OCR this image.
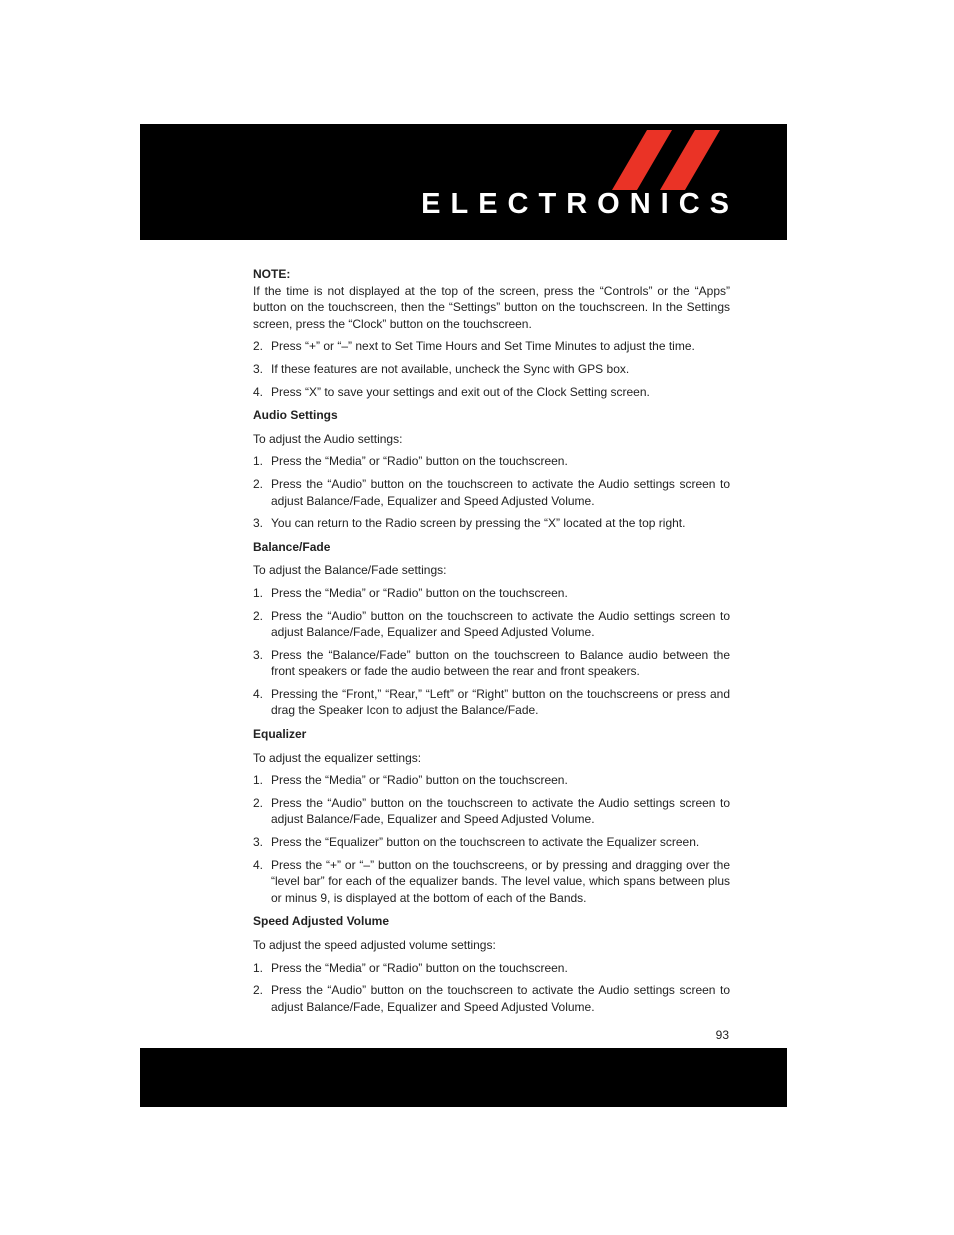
ELECTRONICS

NOTE:

If the time is not displayed at the top of the screen, press the “Controls” or the “Apps” button on the touchscreen, then the “Settings” button on the touchscreen. In the Settings screen, press the “Clock” button on the touchscreen.

2. Press “+” or “–” next to Set Time Hours and Set Time Minutes to adjust the time.
3. If these features are not available, uncheck the Sync with GPS box.
4. Press “X” to save your settings and exit out of the Clock Setting screen.

Audio Settings

To adjust the Audio settings:

1. Press the “Media” or “Radio” button on the touchscreen.
2. Press the “Audio” button on the touchscreen to activate the Audio settings screen to adjust Balance/Fade, Equalizer and Speed Adjusted Volume.
3. You can return to the Radio screen by pressing the “X” located at the top right.

Balance/Fade

To adjust the Balance/Fade settings:

1. Press the “Media” or “Radio” button on the touchscreen.
2. Press the “Audio” button on the touchscreen to activate the Audio settings screen to adjust Balance/Fade, Equalizer and Speed Adjusted Volume.
3. Press the “Balance/Fade” button on the touchscreen to Balance audio between the front speakers or fade the audio between the rear and front speakers.
4. Pressing the “Front,” “Rear,” “Left” or “Right” button on the touchscreens or press and drag the Speaker Icon to adjust the Balance/Fade.

Equalizer

To adjust the equalizer settings:

1. Press the “Media” or “Radio” button on the touchscreen.
2. Press the “Audio” button on the touchscreen to activate the Audio settings screen to adjust Balance/Fade, Equalizer and Speed Adjusted Volume.
3. Press the “Equalizer” button on the touchscreen to activate the Equalizer screen.
4. Press the “+” or “–” button on the touchscreens, or by pressing and dragging over the “level bar” for each of the equalizer bands. The level value, which spans between plus or minus 9, is displayed at the bottom of each of the Bands.

Speed Adjusted Volume

To adjust the speed adjusted volume settings:

1. Press the “Media” or “Radio” button on the touchscreen.
2. Press the “Audio” button on the touchscreen to activate the Audio settings screen to adjust Balance/Fade, Equalizer and Speed Adjusted Volume.
93
